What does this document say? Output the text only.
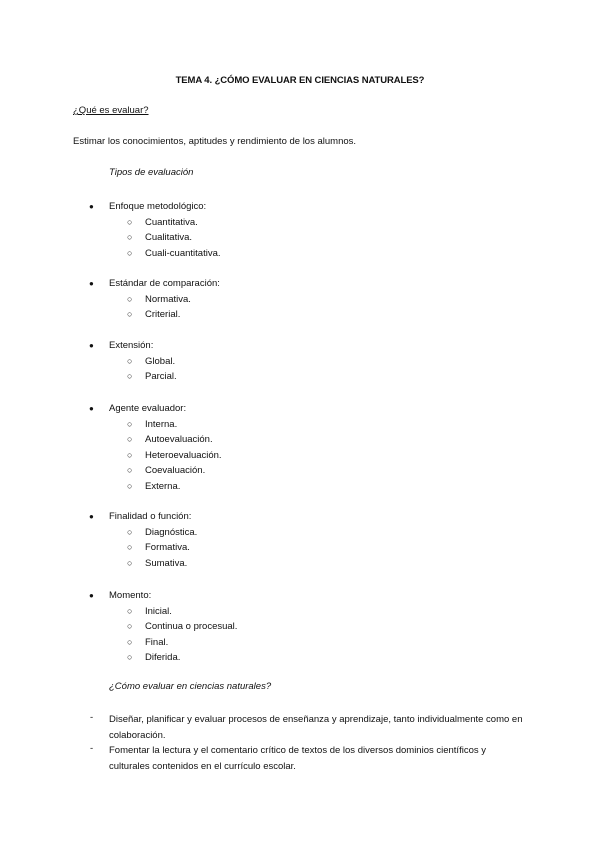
TEMA 4. ¿CÓMO EVALUAR EN CIENCIAS NATURALES?
¿Qué es evaluar?
Estimar los conocimientos, aptitudes y rendimiento de los alumnos.
Tipos de evaluación
● Enfoque metodológico:
○ Cuantitativa.
○ Cualitativa.
○ Cuali-cuantitativa.
● Estándar de comparación:
○ Normativa.
○ Criterial.
● Extensión:
○ Global.
○ Parcial.
● Agente evaluador:
○ Interna.
○ Autoevaluación.
○ Heteroevaluación.
○ Coevaluación.
○ Externa.
● Finalidad o función:
○ Diagnóstica.
○ Formativa.
○ Sumativa.
● Momento:
○ Inicial.
○ Continua o procesual.
○ Final.
○ Diferida.
¿Cómo evaluar en ciencias naturales?
- Diseñar, planificar y evaluar procesos de enseñanza y aprendizaje, tanto individualmente como en colaboración.
- Fomentar la lectura y el comentario crítico de textos de los diversos dominios científicos y culturales contenidos en el currículo escolar.
